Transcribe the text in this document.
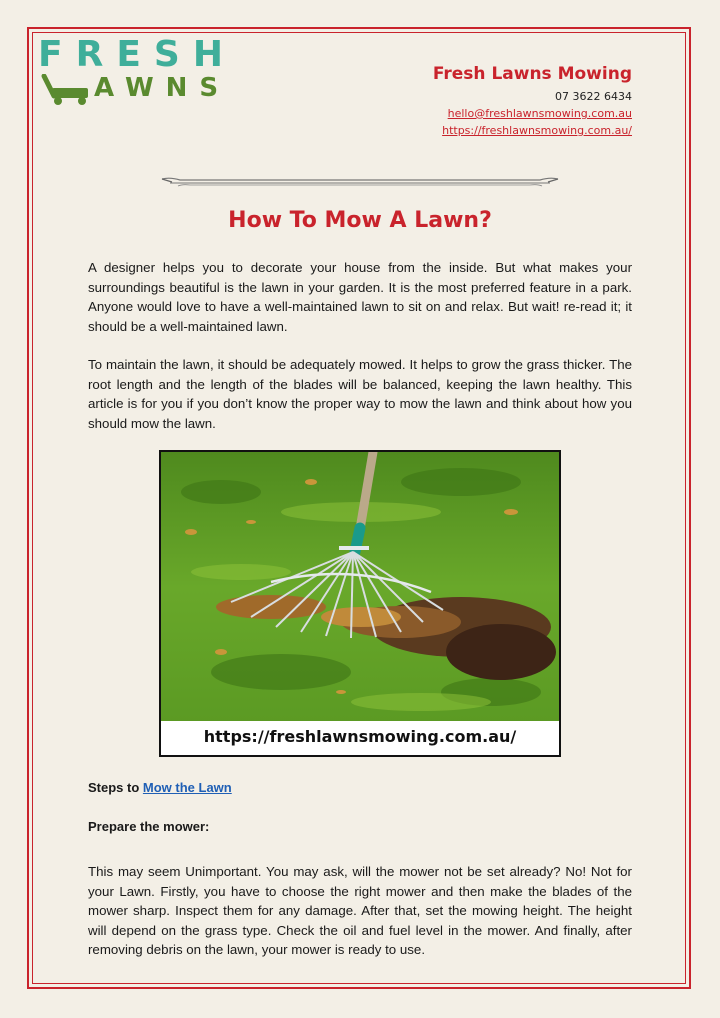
FRESH
AWNS	Fresh Lawns Mowing
07 3622 6434
hello@freshlawnsmowing.com.au
https://freshlawnsmowing.com.au/
How To Mow A Lawn?

A designer helps you to decorate your house from the inside. But what makes your surroundings beautiful is the lawn in your garden. It is the most preferred feature in a park. Anyone would love to have a well-maintained lawn to sit on and relax. But wait! re-read it; it should be a well-maintained lawn.

To maintain the lawn, it should be adequately mowed. It helps to grow the grass thicker. The root length and the length of the blades will be balanced, keeping the lawn healthy. This article is for you if you don’t know the proper way to mow the lawn and think about how you should mow the lawn.

https://freshlawnsmowing.com.au/
Steps to Mow the Lawn
Prepare the mower:

This may seem Unimportant. You may ask, will the mower not be set already? No! Not for your Lawn. Firstly, you have to choose the right mower and then make the blades of the mower sharp. Inspect them for any damage. After that, set the mowing height. The height will depend on the grass type. Check the oil and fuel level in the mower. And finally, after removing debris on the lawn, your mower is ready to use.
